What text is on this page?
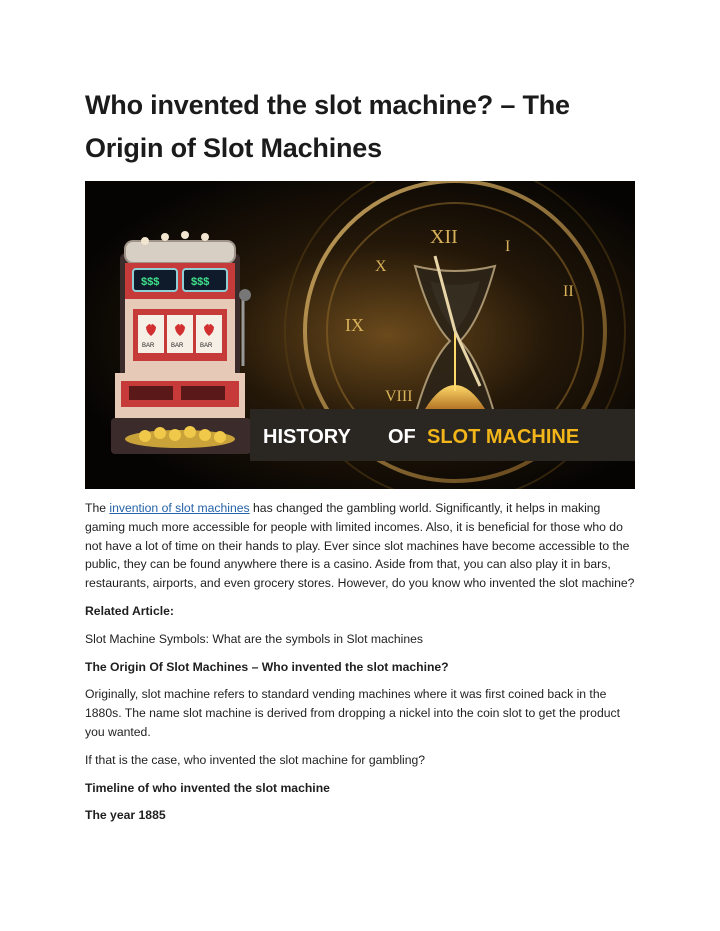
Who invented the slot machine? – The Origin of Slot Machines
XII	I
IX
X
VIII
II
$$$	$$$
BAR	BAR	BAR
HISTORY OF SLOT MACHINE

The invention of slot machines has changed the gambling world. Significantly, it helps in making gaming much more accessible for people with limited incomes. Also, it is beneficial for those who do not have a lot of time on their hands to play. Ever since slot machines have become accessible to the public, they can be found anywhere there is a casino. Aside from that, you can also play it in bars, restaurants, airports, and even grocery stores. However, do you know who invented the slot machine?

Related Article:

Slot Machine Symbols: What are the symbols in Slot machines

The Origin Of Slot Machines – Who invented the slot machine?

Originally, slot machine refers to standard vending machines where it was first coined back in the 1880s. The name slot machine is derived from dropping a nickel into the coin slot to get the product you wanted.

If that is the case, who invented the slot machine for gambling?

Timeline of who invented the slot machine

The year 1885
